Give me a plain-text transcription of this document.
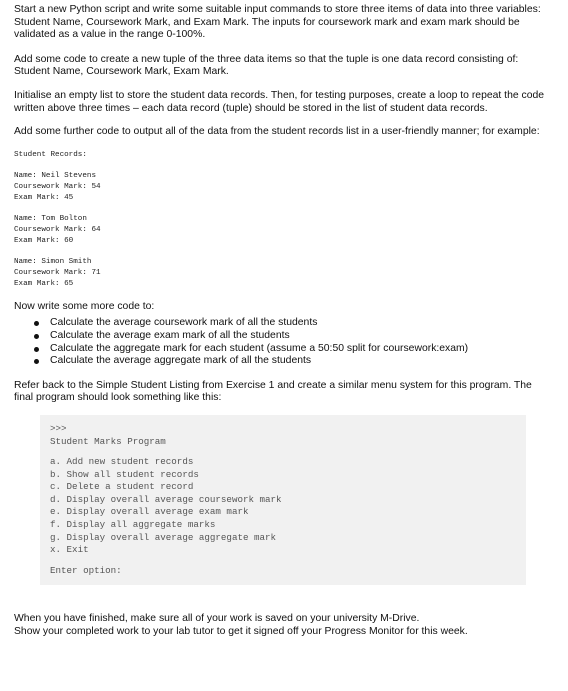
Start a new Python script and write some suitable input commands to store three items of data into three variables: Student Name, Coursework Mark, and Exam Mark. The inputs for coursework mark and exam mark should be validated as a value in the range 0-100%.

Add some code to create a new tuple of the three data items so that the tuple is one data record consisting of: Student Name, Coursework Mark, Exam Mark.

Initialise an empty list to store the student data records. Then, for testing purposes, create a loop to repeat the code written above three times – each data record (tuple) should be stored in the list of student data records.

Add some further code to output all of the data from the student records list in a user-friendly manner; for example:

Student Records:
Name: Neil Stevens
Coursework Mark: 54
Exam Mark: 45
Name: Tom Bolton
Coursework Mark: 64
Exam Mark: 60
Name: Simon Smith
Coursework Mark: 71
Exam Mark: 65

Now write some more code to:

Calculate the average coursework mark of all the students
Calculate the average exam mark of all the students
Calculate the aggregate mark for each student (assume a 50:50 split for coursework:exam)
Calculate the average aggregate mark of all the students

Refer back to the Simple Student Listing from Exercise 1 and create a similar menu system for this program. The final program should look something like this:

>>>
Student Marks Program
a. Add new student records
b. Show all student records
c. Delete a student record
d. Display overall average coursework mark
e. Display overall average exam mark
f. Display all aggregate marks
g. Display overall average aggregate mark
x. Exit
Enter option:

When you have finished, make sure all of your work is saved on your university M-Drive.

Show your completed work to your lab tutor to get it signed off your Progress Monitor for this week.
